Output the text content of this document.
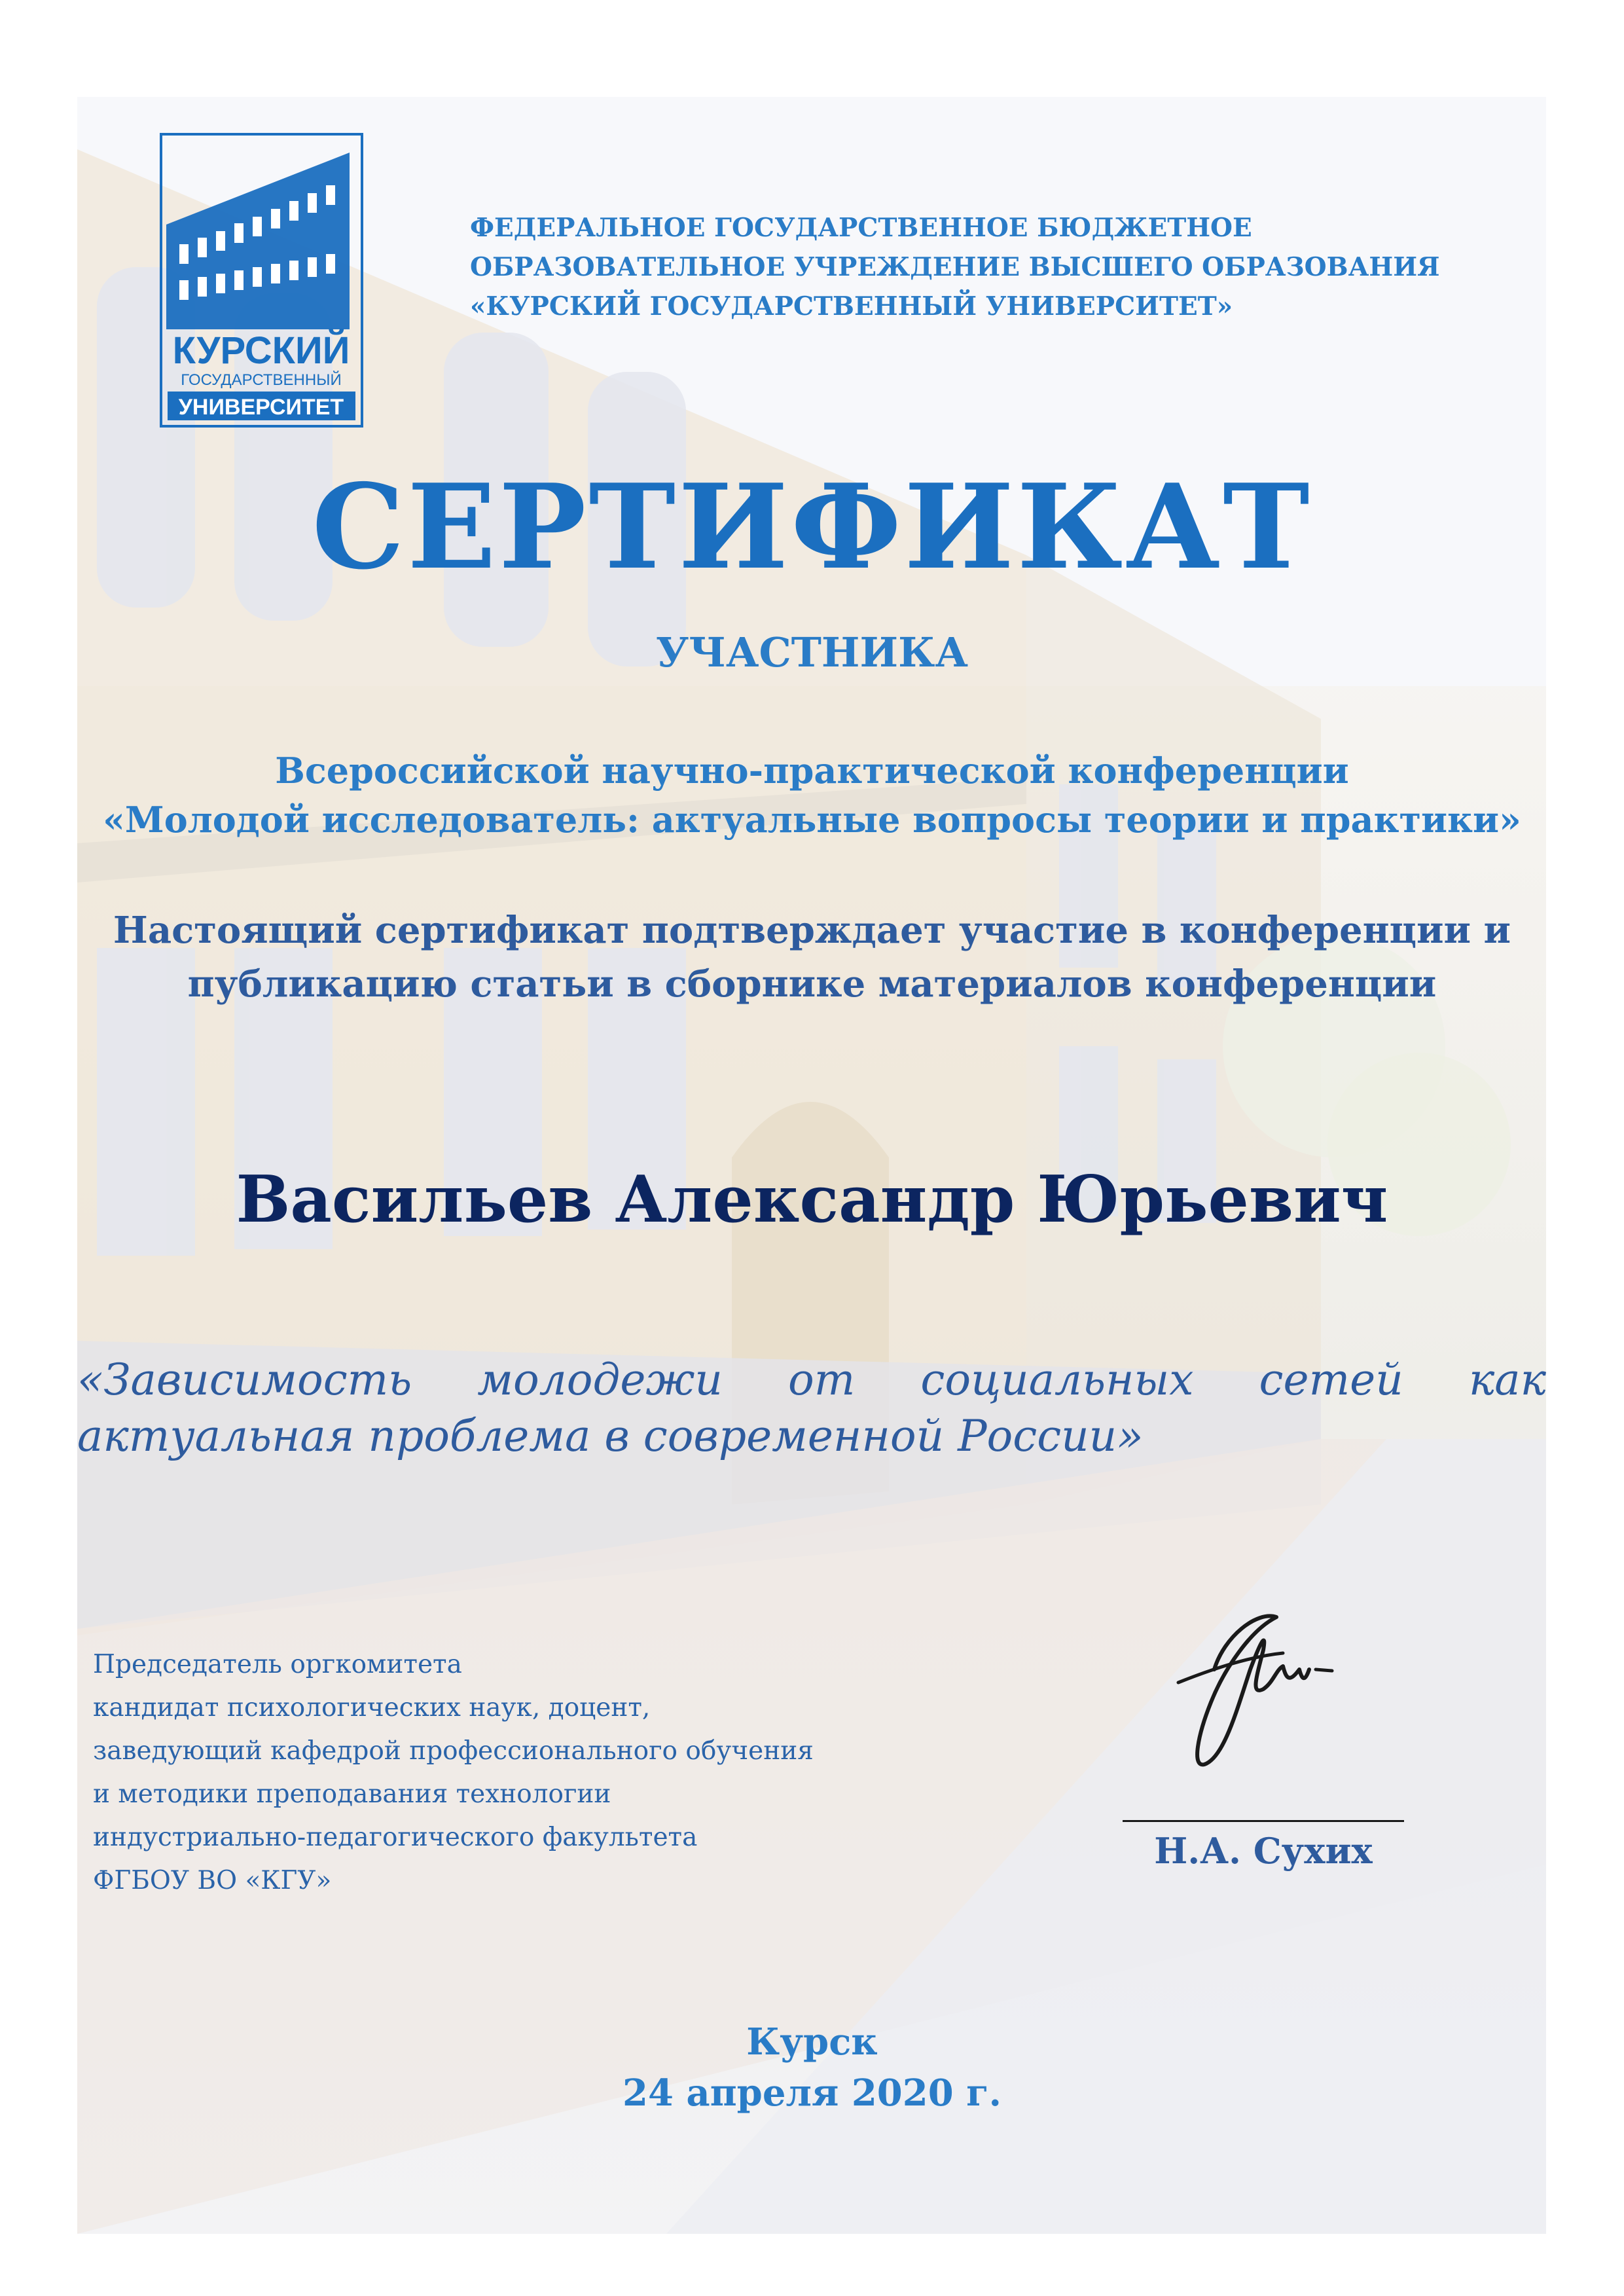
КУРСКИЙ
ГОСУДАРСТВЕННЫЙ
УНИВЕРСИТЕТ
ФЕДЕРАЛЬНОЕ ГОСУДАРСТВЕННОЕ БЮДЖЕТНОЕ
ОБРАЗОВАТЕЛЬНОЕ УЧРЕЖДЕНИЕ ВЫСШЕГО ОБРАЗОВАНИЯ
«КУРСКИЙ ГОСУДАРСТВЕННЫЙ УНИВЕРСИТЕТ»
СЕРТИФИКАТ
УЧАСТНИКА
Всероссийской научно-практической конференции
«Молодой исследователь: актуальные вопросы теории и практики»
Настоящий сертификат подтверждает участие в конференции и
публикацию статьи в сборнике материалов конференции
Васильев Александр Юрьевич
«Зависимость молодежи от социальных сетей как
актуальная проблема в современной России»
Председатель оргкомитета
кандидат психологических наук, доцент,
заведующий кафедрой профессионального обучения
и методики преподавания технологии
индустриально-педагогического факультета
ФГБОУ ВО «КГУ»
Н.А. Сухих
Курск
24 апреля 2020 г.
